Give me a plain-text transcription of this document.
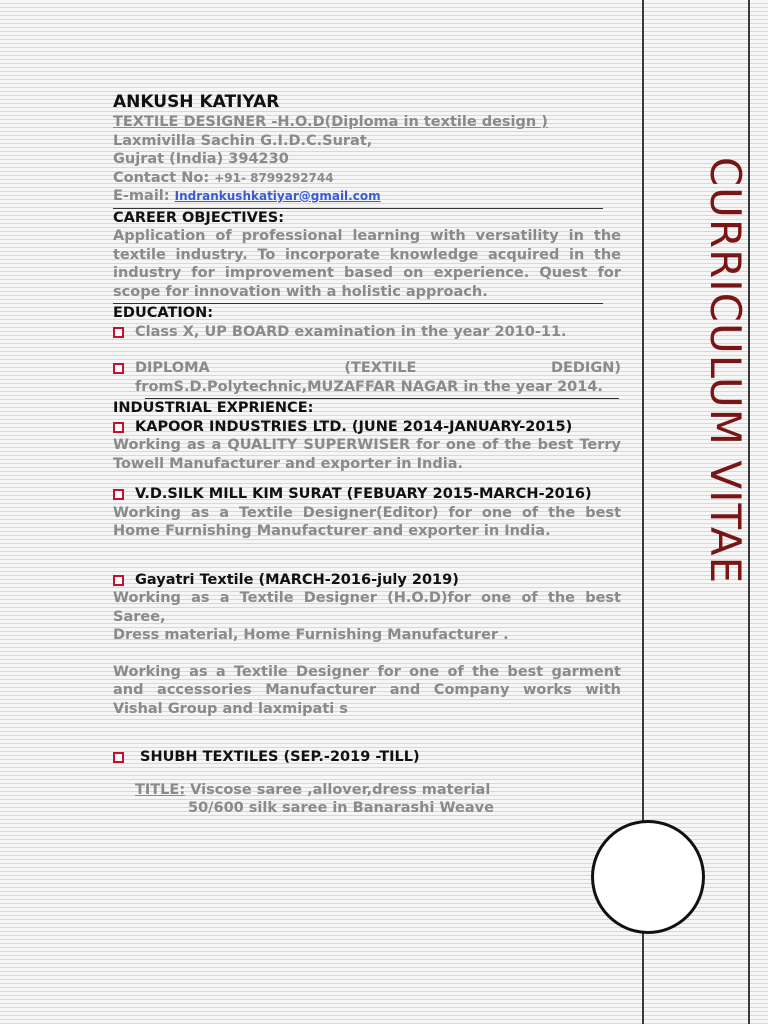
CURRICULUM VITAE
ANKUSH KATIYAR
TEXTILE DESIGNER -H.O.D(Diploma in textile design )
Laxmivilla Sachin G.I.D.C.Surat,
Gujrat (India) 394230
Contact No: +91- 8799292744
E-mail: Indrankushkatiyar@gmail.com
CAREER OBJECTIVES:
Application of professional learning with versatility in the textile industry. To incorporate knowledge acquired in the industry for improvement based on experience. Quest for scope for innovation with a holistic approach.
EDUCATION:
Class X, UP BOARD examination in the year 2010-11.
DIPLOMA (TEXTILE DEDIGN) fromS.D.Polytechnic,MUZAFFAR NAGAR in the year 2014.
INDUSTRIAL EXPRIENCE:
KAPOOR INDUSTRIES LTD. (JUNE 2014-JANUARY-2015)
Working as a QUALITY SUPERWISER for one of the best Terry Towell Manufacturer and exporter in India.
V.D.SILK MILL KIM SURAT (FEBUARY 2015-MARCH-2016)
Working as a Textile Designer(Editor) for one of the best Home Furnishing Manufacturer and exporter in India.
Gayatri Textile (MARCH-2016-july 2019)
Working as a Textile Designer (H.O.D)for one of the best Saree,
Dress material, Home Furnishing Manufacturer .
Working as a Textile Designer for one of the best garment and accessories Manufacturer and Company works with Vishal Group and laxmipati s
SHUBH TEXTILES (SEP.-2019 -TILL)
TITLE: Viscose saree ,allover,dress material
50/600 silk saree in Banarashi Weave
